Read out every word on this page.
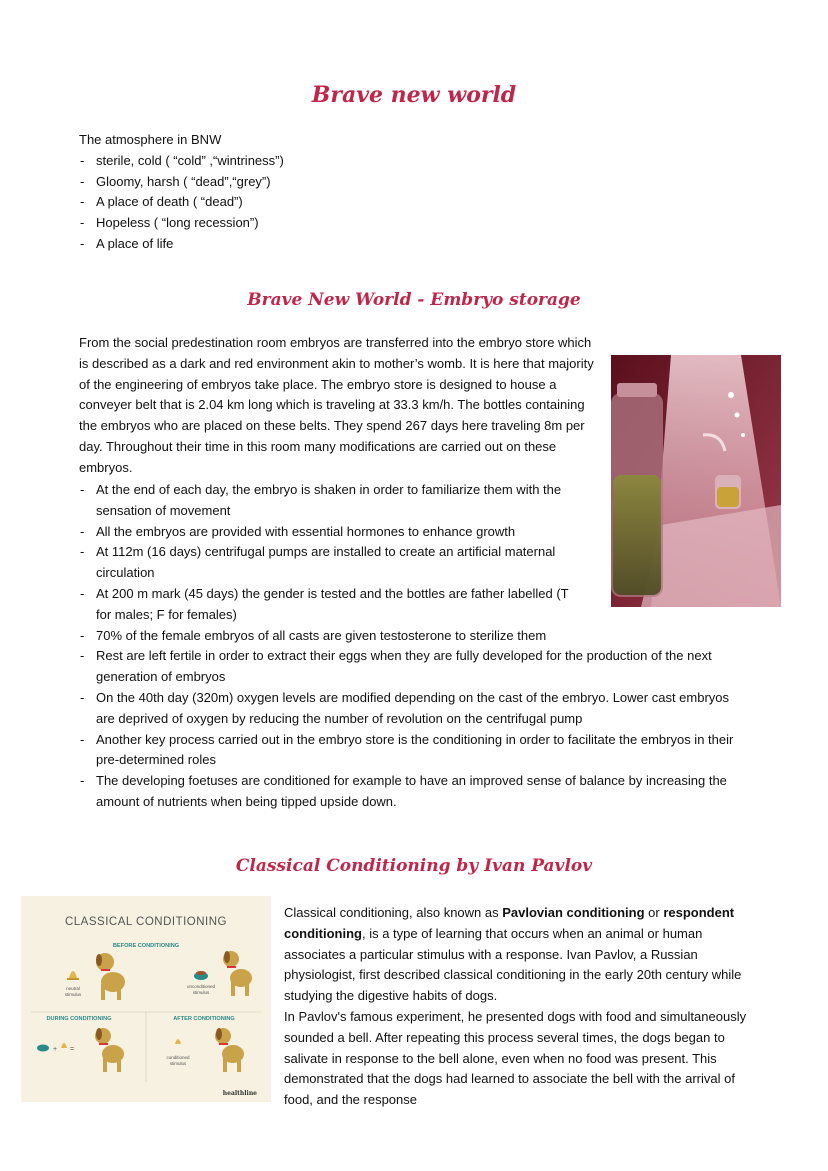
Brave new world

The atmosphere in BNW

- sterile, cold ( “cold” ,“wintriness”)
- Gloomy, harsh ( “dead”,“grey”)
- A place of death ( “dead”)
- Hopeless ( “long recession”)
- A place of life
Brave New World - Embryo storage

From the social predestination room embryos are transferred into the embryo store which is described as a dark and red environment akin to mother’s womb. It is here that majority of the engineering of embryos take place. The embryo store is designed to house a conveyer belt that is 2.04 km long which is traveling at 33.3 km/h. The bottles containing the embryos who are placed on these belts. They spend 267 days here traveling 8m per day. Throughout their time in this room many modifications are carried out on these embryos.

- At the end of each day, the embryo is shaken in order to familiarize them with the sensation of movement
- All the embryos are provided with essential hormones to enhance growth
- At 112m (16 days) centrifugal pumps are installed to create an artificial maternal circulation
- At 200 m mark (45 days) the gender is tested and the bottles are father labelled (T for males; F for females)
- 70% of the female embryos of all casts are given testosterone to sterilize them
- Rest are left fertile in order to extract their eggs when they are fully developed for the production of the next generation of embryos
- On the 40th day (320m) oxygen levels are modified depending on the cast of the embryo. Lower cast embryos are deprived of oxygen by reducing the number of revolution on the centrifugal pump
- Another key process carried out in the embryo store is the conditioning in order to facilitate the embryos in their pre-determined roles
- The developing foetuses are conditioned for example to have an improved sense of balance by increasing the amount of nutrients when being tipped upside down.
Classical Conditioning by Ivan Pavlov
CLASSICAL CONDITIONING
BEFORE CONDITIONING
neutral
stimulus
unconditioned
stimulus
DURING CONDITIONING	AFTER CONDITIONING
+ =
conditioned
stimulus
healthline

Classical conditioning, also known as Pavlovian conditioning or respondent conditioning, is a type of learning that occurs when an animal or human associates a particular stimulus with a response. Ivan Pavlov, a Russian physiologist, first described classical conditioning in the early 20th century while studying the digestive habits of dogs.

In Pavlov's famous experiment, he presented dogs with food and simultaneously sounded a bell. After repeating this process several times, the dogs began to salivate in response to the bell alone, even when no food was present. This demonstrated that the dogs had learned to associate the bell with the arrival of food, and the response
